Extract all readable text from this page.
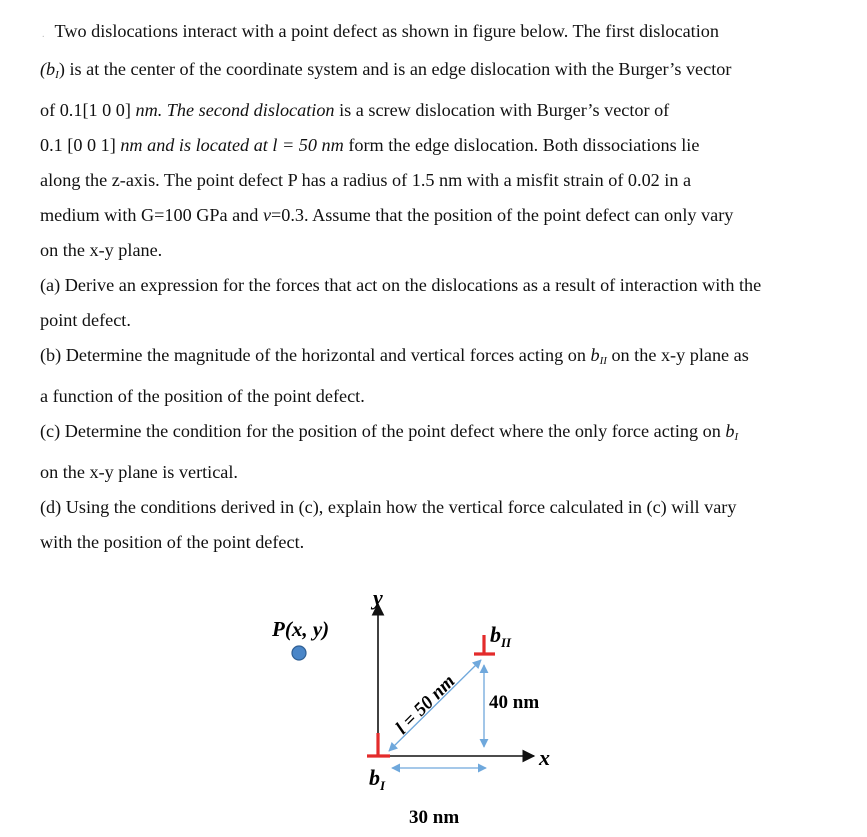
. Two dislocations interact with a point defect as shown in figure below. The first dislocation
$(b_I)$ is at the center of the coordinate system and is an edge dislocation with the Burger’s vector
of 0.1[1 0 0] nm. The second dislocation is a screw dislocation with Burger’s vector of
0.1 [0 0 1] nm and is located at l = 50 nm form the edge dislocation. Both dissociations lie
along the z-axis. The point defect P has a radius of 1.5 nm with a misfit strain of 0.02 in a
medium with G=100 GPa and v=0.3. Assume that the position of the point defect can only vary
on the x-y plane.
(a) Derive an expression for the forces that act on the dislocations as a result of interaction with the
point defect.
(b) Determine the magnitude of the horizontal and vertical forces acting on $b_{II}$ on the x-y plane as
a function of the position of the point defect.
(c) Determine the condition for the position of the point defect where the only force acting on $b_I$
on the x-y plane is vertical.
(d) Using the conditions derived in (c), explain how the vertical force calculated in (c) will vary
with the position of the point defect.
y
x
P(x, y)
l = 50 nm 40 nm
30 nm
$b_I$
$b_{II}$
